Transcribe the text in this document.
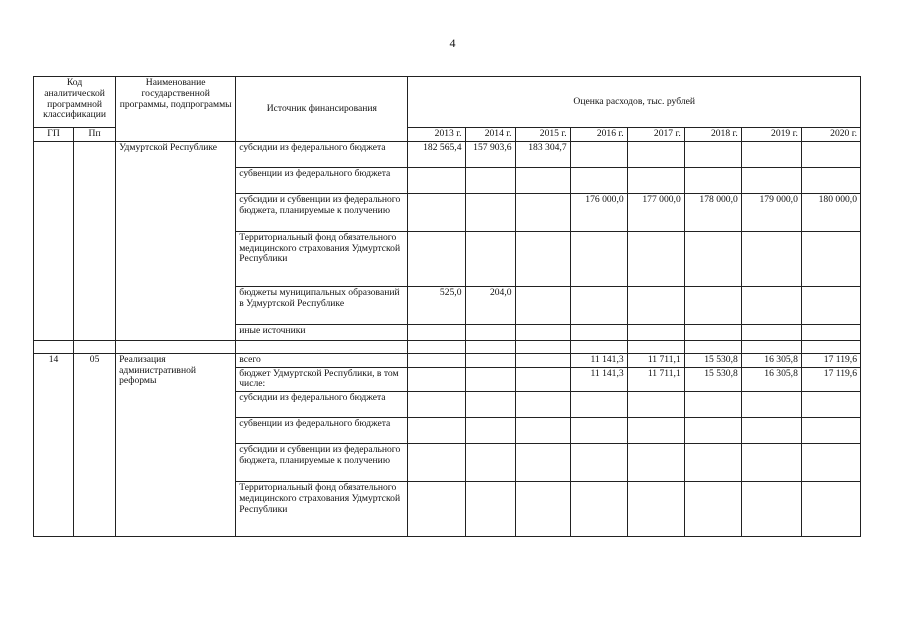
4
Код аналитической программной классификации		Наименование государственной программы, подпрограммы	Источник финансирования	Оценка расходов, тыс. рублей							
ГП	Пп			2013 г.	2014 г.	2015 г.	2016 г.	2017 г.	2018 г.	2019 г.	2020 г.
		Удмуртской Республике	субсидии из федерального бюджета	182 565,4	157 903,6	183 304,7					
			субвенции из федерального бюджета								
			субсидии и субвенции из федерального бюджета, планируемые к получению				176 000,0	177 000,0	178 000,0	179 000,0	180 000,0
			Территориальный фонд обязательного медицинского страхования Удмуртской Республики								
			бюджеты муниципальных образований в Удмуртской Республике	525,0	204,0						
			иные источники								

14	05	Реализация административной реформы	всего				11 141,3	11 711,1	15 530,8	16 305,8	17 119,6
			бюджет Удмуртской Республики, в том числе:				11 141,3	11 711,1	15 530,8	16 305,8	17 119,6
			субсидии из федерального бюджета								
			субвенции из федерального бюджета								
			субсидии и субвенции из федерального бюджета, планируемые к получению								
			Территориальный фонд обязательного медицинского страхования Удмуртской Республики								
